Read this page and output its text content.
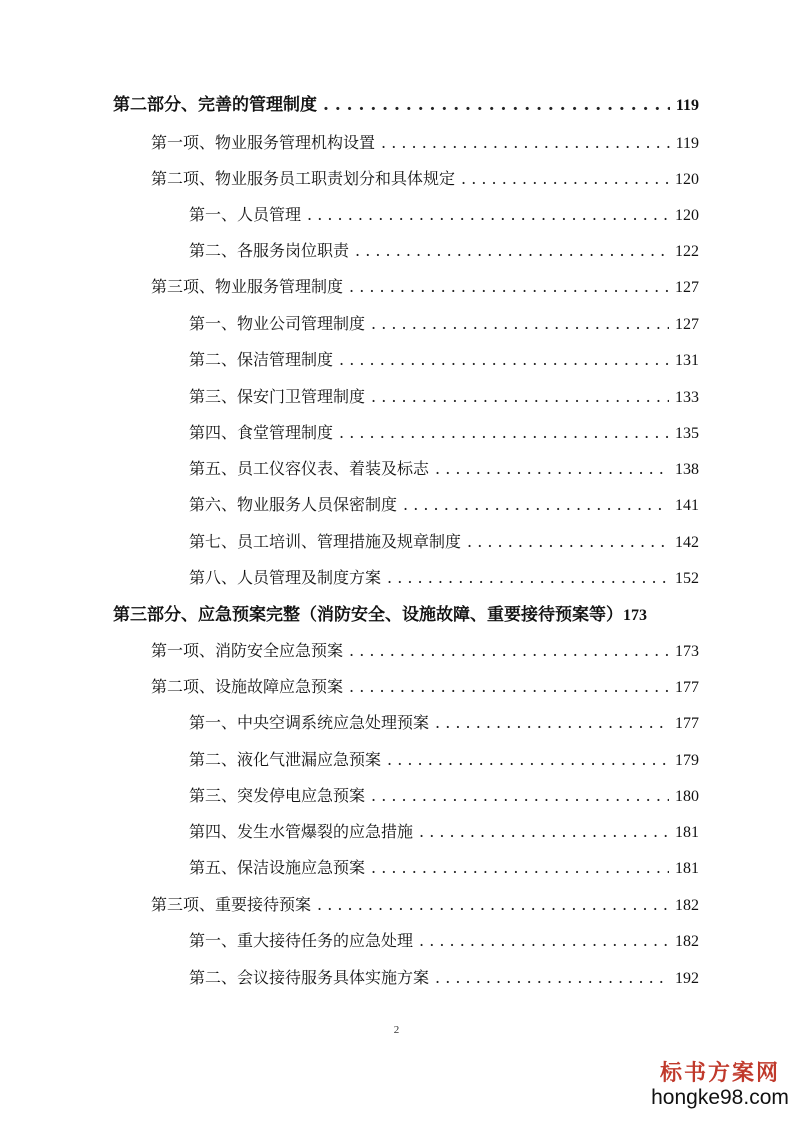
第二部分、完善的管理制度 . . .	119
第一项、物业服务管理机构设置 . . .	119
第二项、物业服务员工职责划分和具体规定 . . .	120
第一、人员管理 . . .	120
第二、各服务岗位职责 . . .	122
第三项、物业服务管理制度 . . .	127
第一、物业公司管理制度 . . .	127
第二、保洁管理制度 . . .	131
第三、保安门卫管理制度 . . .	133
第四、食堂管理制度 . . .	135
第五、员工仪容仪表、着装及标志 . . .	138
第六、物业服务人员保密制度 . . .	141
第七、员工培训、管理措施及规章制度 . . .	142
第八、人员管理及制度方案 . . .	152
第三部分、应急预案完整（消防安全、设施故障、重要接待预案等） 173
第一项、消防安全应急预案 . . .	173
第二项、设施故障应急预案 . . .	177
第一、中央空调系统应急处理预案 . . .	177
第二、液化气泄漏应急预案 . . .	179
第三、突发停电应急预案 . . .	180
第四、发生水管爆裂的应急措施 . . .	181
第五、保洁设施应急预案 . . .	181
第三项、重要接待预案 . . .	182
第一、重大接待任务的应急处理 . . .	182
第二、会议接待服务具体实施方案 . . .	192
2
标书方案网
hongke98.com
